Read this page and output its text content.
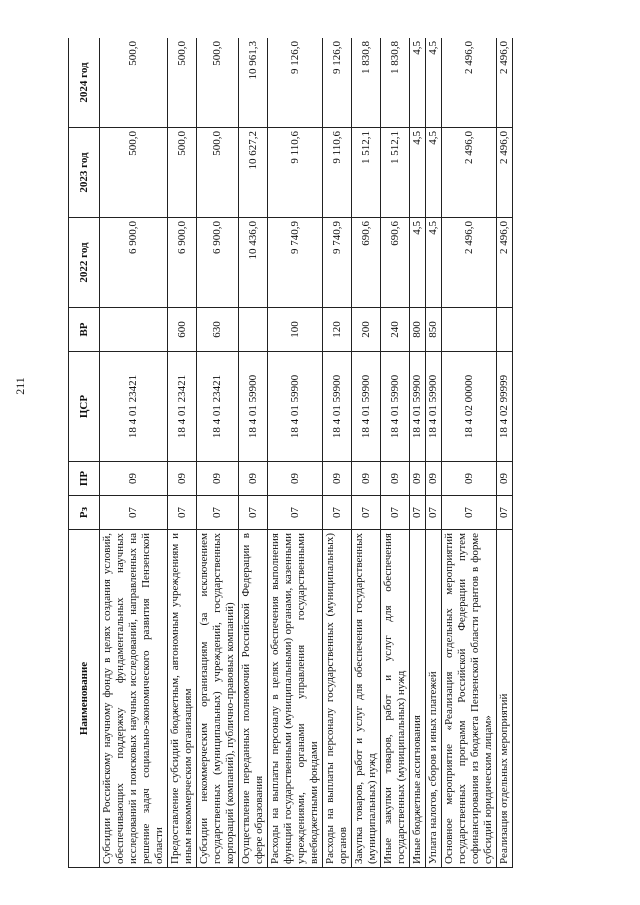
211
Наименование	Рз	ПР	ЦСР	ВР	2022 год	2023 год	2024 год
Субсидии Российскому научному фонду в целях создания условий, обеспечивающих поддержку фундаментальных научных исследований и поисковых научных исследований, направленных на решение задач социально-экономического развития Пензенской области	07	09	18 4 01 23421		6 900,0	500,0	500,0
Предоставление субсидий бюджетным, автономным учреждениям и иным некоммерческим организациям	07	09	18 4 01 23421	600	6 900,0	500,0	500,0
Субсидии некоммерческим организациям (за исключением государственных (муниципальных) учреждений, государственных корпораций (компаний), публично-правовых компаний)	07	09	18 4 01 23421	630	6 900,0	500,0	500,0
Осуществление переданных полномочий Российской Федерации в сфере образования	07	09	18 4 01 59900		10 436,0	10 627,2	10 961,3
Расходы на выплаты персоналу в целях обеспечения выполнения функций государственными (муниципальными) органами, казенными учреждениями, органами управления государственными внебюджетными фондами	07	09	18 4 01 59900	100	9 740,9	9 110,6	9 126,0
Расходы на выплаты персоналу государственных (муниципальных) органов	07	09	18 4 01 59900	120	9 740,9	9 110,6	9 126,0
Закупка товаров, работ и услуг для обеспечения государственных (муниципальных) нужд	07	09	18 4 01 59900	200	690,6	1 512,1	1 830,8
Иные закупки товаров, работ и услуг для обеспечения государственных (муниципальных) нужд	07	09	18 4 01 59900	240	690,6	1 512,1	1 830,8
Иные бюджетные ассигнования	07	09	18 4 01 59900	800	4,5	4,5	4,5
Уплата налогов, сборов и иных платежей	07	09	18 4 01 59900	850	4,5	4,5	4,5
Основное мероприятие «Реализация отдельных мероприятий государственных программ Российской Федерации путем софинансирования из бюджета Пензенской области грантов в форме субсидий юридическим лицам»	07	09	18 4 02 00000		2 496,0	2 496,0	2 496,0
Реализация отдельных мероприятий	07	09	18 4 02 99999		2 496,0	2 496,0	2 496,0
